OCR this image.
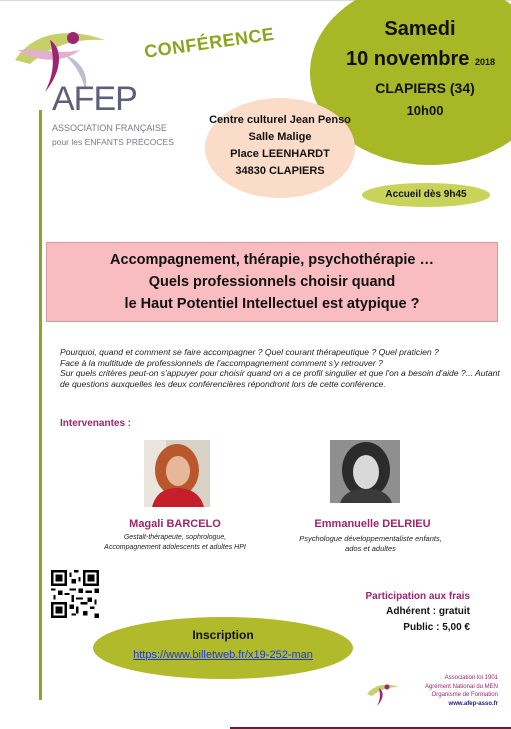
AFEP
ASSOCIATION FRANÇAISE
pour les ENFANTS PRÉCOCES
CONFÉRENCE	Samedi
10 novembre 2018
CLAPIERS (34)
10h00
Centre culturel Jean Penso
Salle Malige
Place LEENHARDT
34830 CLAPIERS
Accueil dès 9h45
Accompagnement, thérapie, psychothérapie …
Quels professionnels choisir quand
le Haut Potentiel Intellectuel est atypique ?
Pourquoi, quand et comment se faire accompagner ? Quel courant thérapeutique ? Quel praticien ?
Face à la multitude de professionnels de l'accompagnement comment s'y retrouver ?
Sur quels critères peut-on s'appuyer pour choisir quand on a ce profil singulier et que l'on a besoin d'aide ?... Autant de questions auxquelles les deux conférencières répondront lors de cette conférence.
Intervenantes :
Magali BARCELO
Gestalt-thérapeute, sophrologue,
Accompagnement adolescents et adultes HPI
Emmanuelle DELRIEU
Psychologue développementaliste enfants,
ados et adultes
Participation aux frais
Adhérent : gratuit
Public : 5,00 €
Inscription
https://www.billetweb.fr/x19-252-man
Association loi 1901
Agrément National du MEN
Organisme de Formation
www.afep-asso.fr
